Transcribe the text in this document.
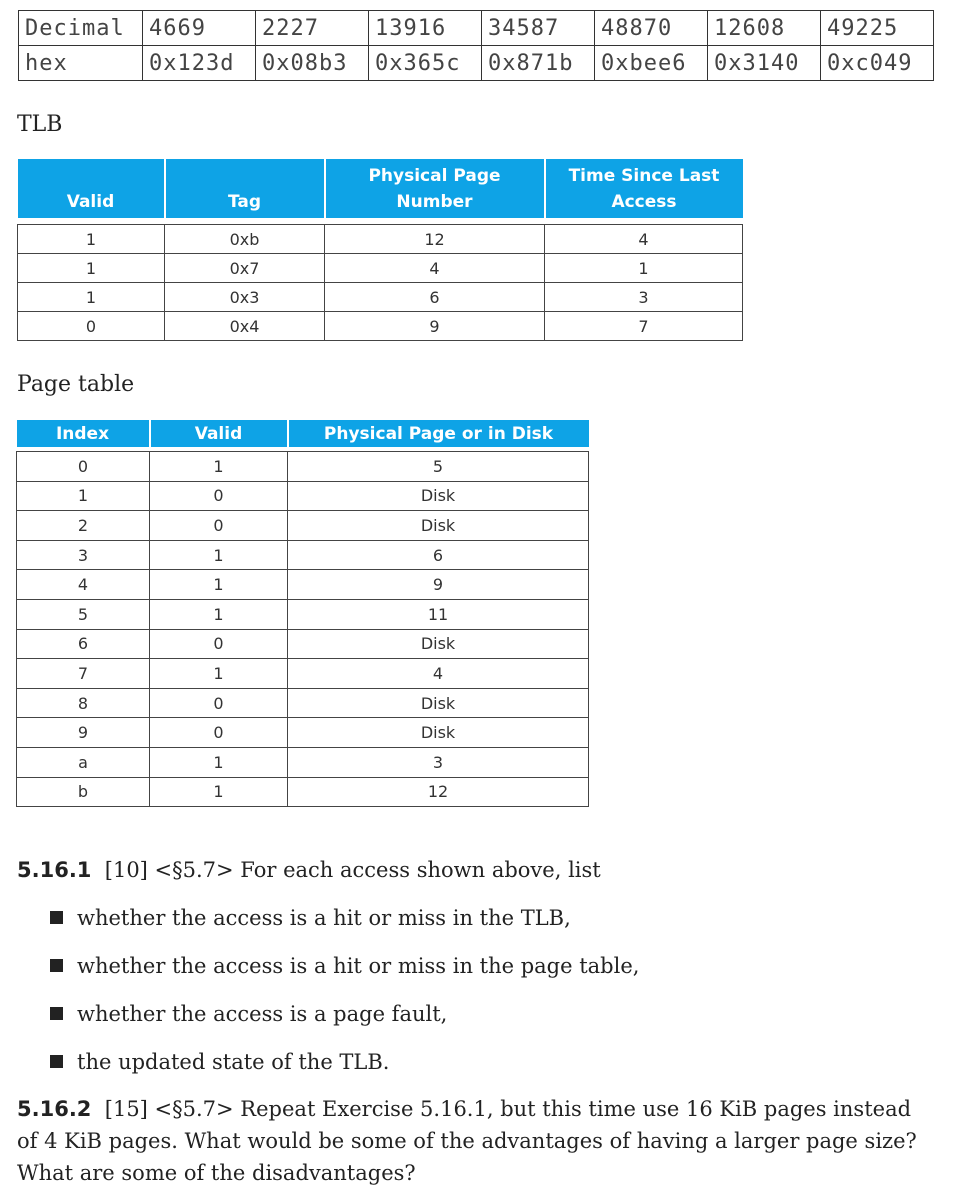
Decimal	4669	2227	13916	34587	48870	12608	49225
hex	0x123d	0x08b3	0x365c	0x871b	0xbee6	0x3140	0xc049
TLB
Valid	Tag	Physical Page Number	Time Since Last Access

1	0xb	12	4
1	0x7	4	1
1	0x3	6	3
0	0x4	9	7
Page table
Index	Valid	Physical Page or in Disk

0	1	5
1	0	Disk
2	0	Disk
3	1	6
4	1	9
5	1	11
6	0	Disk
7	1	4
8	0	Disk
9	0	Disk
a	1	3
b	1	12
5.16.1 [10] <§5.7> For each access shown above, list
whether the access is a hit or miss in the TLB,
whether the access is a hit or miss in the page table,
whether the access is a page fault,
the updated state of the TLB.
5.16.2 [15] <§5.7> Repeat Exercise 5.16.1, but this time use 16 KiB pages instead
of 4 KiB pages. What would be some of the advantages of having a larger page size?
What are some of the disadvantages?
